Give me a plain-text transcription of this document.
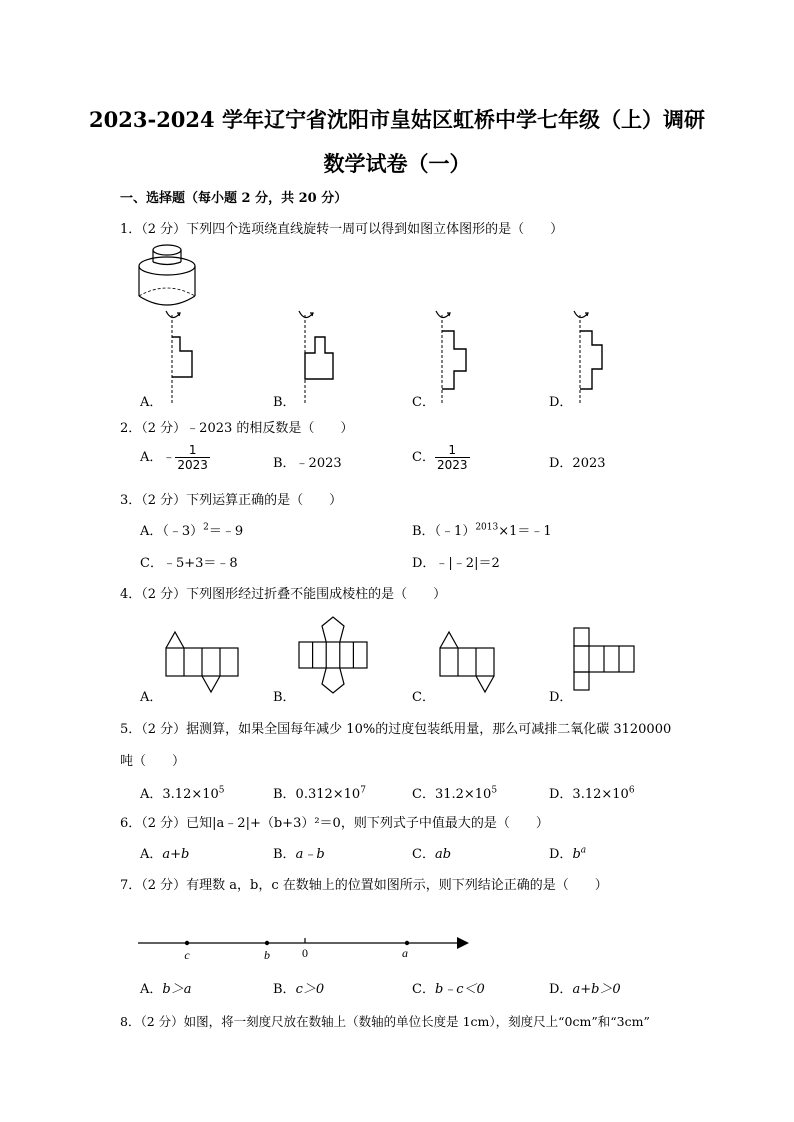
2023-2024 学年辽宁省沈阳市皇姑区虹桥中学七年级（上）调研
数学试卷（一）
一、选择题（每小题 2 分，共 20 分）
1．（2 分）下列四个选项绕直线旋转一周可以得到如图立体图形的是（　　）
A．	B．	C．	D．
2．（2 分）﹣2023 的相反数是（　　）
A．﹣ $\frac{1}{2023}$	B．﹣2023	C． $\frac{1}{2023}$	D．2023
3．（2 分）下列运算正确的是（　　）
A．（﹣3）$^2$＝﹣9	B．（﹣1）$^{2013}$×1＝﹣1
C．﹣5+3＝﹣8	D．﹣|﹣2|＝2
4．（2 分）下列图形经过折叠不能围成棱柱的是（　　）
A．	B．	C．	D．
5．（2 分）据测算，如果全国每年减少 10%的过度包装纸用量，那么可减排二氧化碳 3120000
吨（　　）
A．$3.12\times 10^5$	B．$0.312\times 10^7$	C．$31.2\times 10^5$	D．$3.12\times 10^6$
6．（2 分）已知|a﹣2|+（b+3）²＝0，则下列式子中值最大的是（　　）
A．a+b	B．a﹣b	C．ab	D．$b^a$
7．（2 分）有理数 a，b，c 在数轴上的位置如图所示，则下列结论正确的是（　　）
c	b	0	a
A．b＞a	B．c＞0	C．b﹣c＜0	D．a+b＞0
8．（2 分）如图，将一刻度尺放在数轴上（数轴的单位长度是 1cm），刻度尺上“0cm”和“3cm”
